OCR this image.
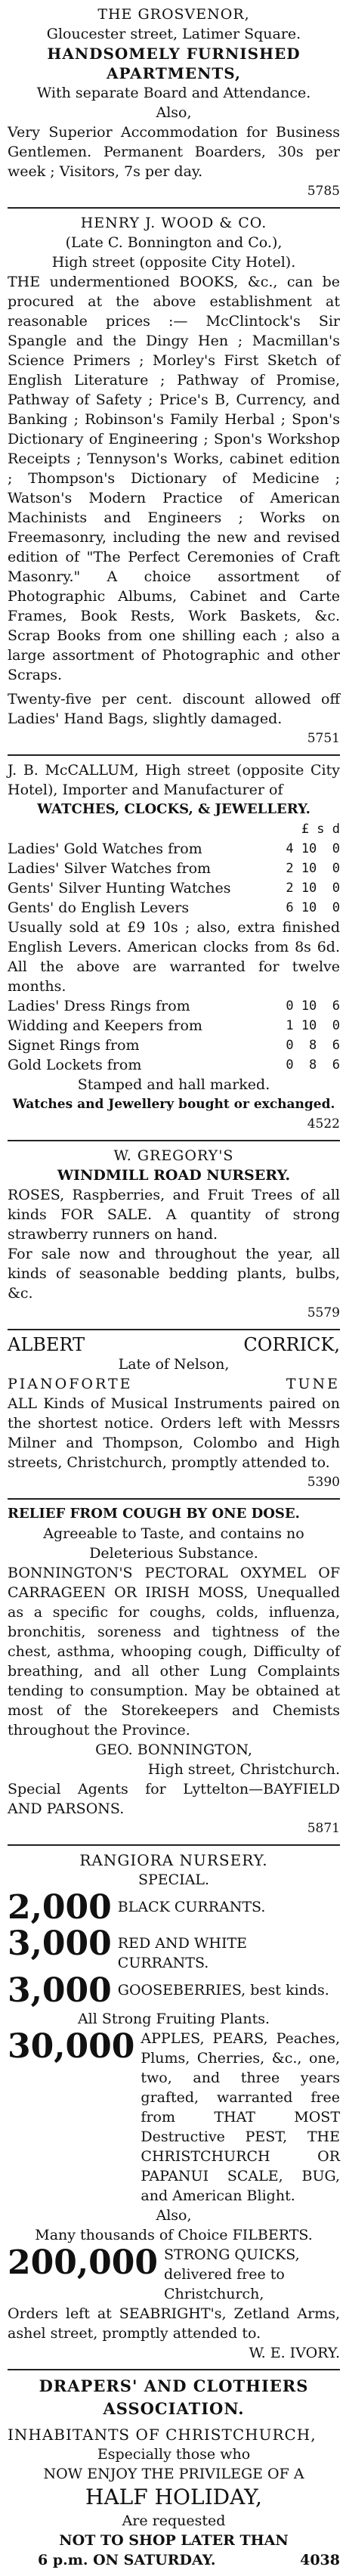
THE GROSVENOR,
Gloucester street, Latimer Square.
HANDSOMELY FURNISHED APARTMENTS,
With separate Board and Attendance.
Also,
Very Superior Accommodation for Business Gentlemen. Permanent Boarders, 30s per week ; Visitors, 7s per day.
5785
HENRY J. WOOD & CO.
(Late C. Bonnington and Co.),
High street (opposite City Hotel).
THE undermentioned BOOKS, &c., can be procured at the above establishment at reasonable prices :— McClintock's Sir Spangle and the Dingy Hen ; Macmillan's Science Primers ; Morley's First Sketch of English Literature ; Pathway of Promise, Pathway of Safety ; Price's B, Currency, and Banking ; Robinson's Family Herbal ; Spon's Dictionary of Engineering ; Spon's Workshop Receipts ; Tennyson's Works, cabinet edition ; Thompson's Dictionary of Medicine ; Watson's Modern Practice of American Machinists and Engineers ; Works on Freemasonry, including the new and revised edition of "The Perfect Ceremonies of Craft Masonry." A choice assortment of Photographic Albums, Cabinet and Carte Frames, Book Rests, Work Baskets, &c. Scrap Books from one shilling each ; also a large assortment of Photographic and other Scraps.
Twenty-five per cent. discount allowed off Ladies' Hand Bags, slightly damaged.
5751
J. B. McCALLUM, High street (opposite City Hotel), Importer and Manufacturer of
WATCHES, CLOCKS, & JEWELLERY.
£ s d
Ladies' Gold Watches from	4 10  0
Ladies' Silver Watches from	2 10  0
Gents' Silver Hunting Watches	2 10  0
Gents' do English Levers	6 10  0
Usually sold at £9 10s ; also, extra finished English Levers. American clocks from 8s 6d. All the above are warranted for twelve months.
Ladies' Dress Rings from	0 10  6
Widding and Keepers from	1 10  0
Signet Rings from	0  8  6
Gold Lockets from	0  8  6
Stamped and hall marked.
Watches and Jewellery bought or exchanged.
4522
W. GREGORY'S
WINDMILL ROAD NURSERY.
ROSES, Raspberries, and Fruit Trees of all kinds FOR SALE. A quantity of strong strawberry runners on hand.
For sale now and throughout the year, all kinds of seasonable bedding plants, bulbs, &c.
5579
ALBERT	CORRICK,
Late of Nelson,
PIANOFORTE	TUNE
ALL Kinds of Musical Instruments paired on the shortest notice. Orders left with Messrs Milner and Thompson, Colombo and High streets, Christchurch, promptly attended to.
5390
RELIEF FROM COUGH BY ONE DOSE.
Agreeable to Taste, and contains no Deleterious Substance.
BONNINGTON'S PECTORAL OXYMEL OF CARRAGEEN OR IRISH MOSS, Unequalled as a specific for coughs, colds, influenza, bronchitis, soreness and tightness of the chest, asthma, whooping cough, Difficulty of breathing, and all other Lung Complaints tending to consumption. May be obtained at most of the Storekeepers and Chemists throughout the Province.
GEO. BONNINGTON,
High street, Christchurch.
Special Agents for Lyttelton—BAYFIELD AND PARSONS.
5871
RANGIORA NURSERY.
SPECIAL.
2,000 BLACK CURRANTS.
3,000 RED AND WHITE CURRANTS.
3,000 GOOSEBERRIES, best kinds.
All Strong Fruiting Plants.
30,000 APPLES, PEARS, Peaches, Plums, Cherries, &c., one, two, and three years grafted, warranted free from THAT MOST Destructive PEST, THE CHRISTCHURCH OR PAPANUI SCALE, BUG, and American Blight.
Also,
Many thousands of Choice FILBERTS.
200,000 STRONG QUICKS, delivered free to Christchurch,
Orders left at SEABRIGHT's, Zetland Arms, ashel street, promptly attended to.
W. E. IVORY.
DRAPERS' AND CLOTHIERS ASSOCIATION.
INHABITANTS OF CHRISTCHURCH,
Especially those who
NOW ENJOY THE PRIVILEGE OF A
HALF HOLIDAY,
Are requested
NOT TO SHOP LATER THAN
6 p.m. ON SATURDAY.	4038
